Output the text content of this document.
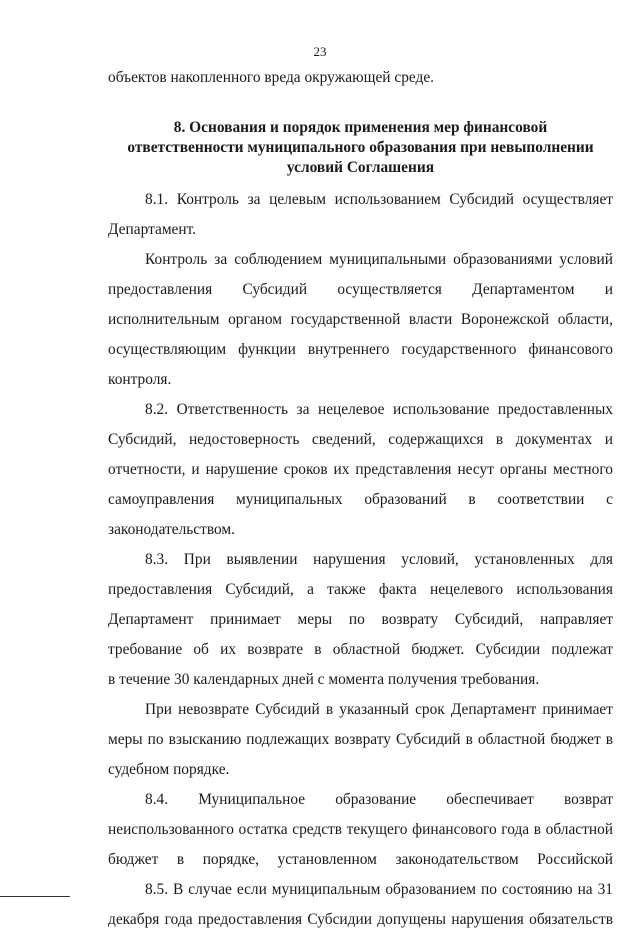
23
объектов накопленного вреда окружающей среде.
8. Основания и порядок применения мер финансовой
ответственности муниципального образования при невыполнении
условий Соглашения
8.1. Контроль за целевым использованием Субсидий осуществляет
Департамент.
Контроль за соблюдением муниципальными образованиями условий
предоставления Субсидий осуществляется Департаментом и
исполнительным органом государственной власти Воронежской области,
осуществляющим функции внутреннего государственного финансового
контроля.
8.2. Ответственность за нецелевое использование предоставленных
Субсидий, недостоверность сведений, содержащихся в документах и
отчетности, и нарушение сроков их представления несут органы местного
самоуправления муниципальных образований в соответствии с
законодательством.
8.3. При выявлении нарушения условий, установленных для
предоставления Субсидий, а также факта нецелевого использования
Департамент принимает меры по возврату Субсидий, направляет
требование об их возврате в областной бюджет. Субсидии подлежат
в течение 30 календарных дней с момента получения требования.
При невозврате Субсидий в указанный срок Департамент принимает
меры по взысканию подлежащих возврату Субсидий в областной бюджет в
судебном порядке.
8.4. Муниципальное образование обеспечивает возврат
неиспользованного остатка средств текущего финансового года в областной
бюджет в порядке, установленном законодательством Российской
8.5. В случае если муниципальным образованием по состоянию на 31
декабря года предоставления Субсидии допущены нарушения обязательств
